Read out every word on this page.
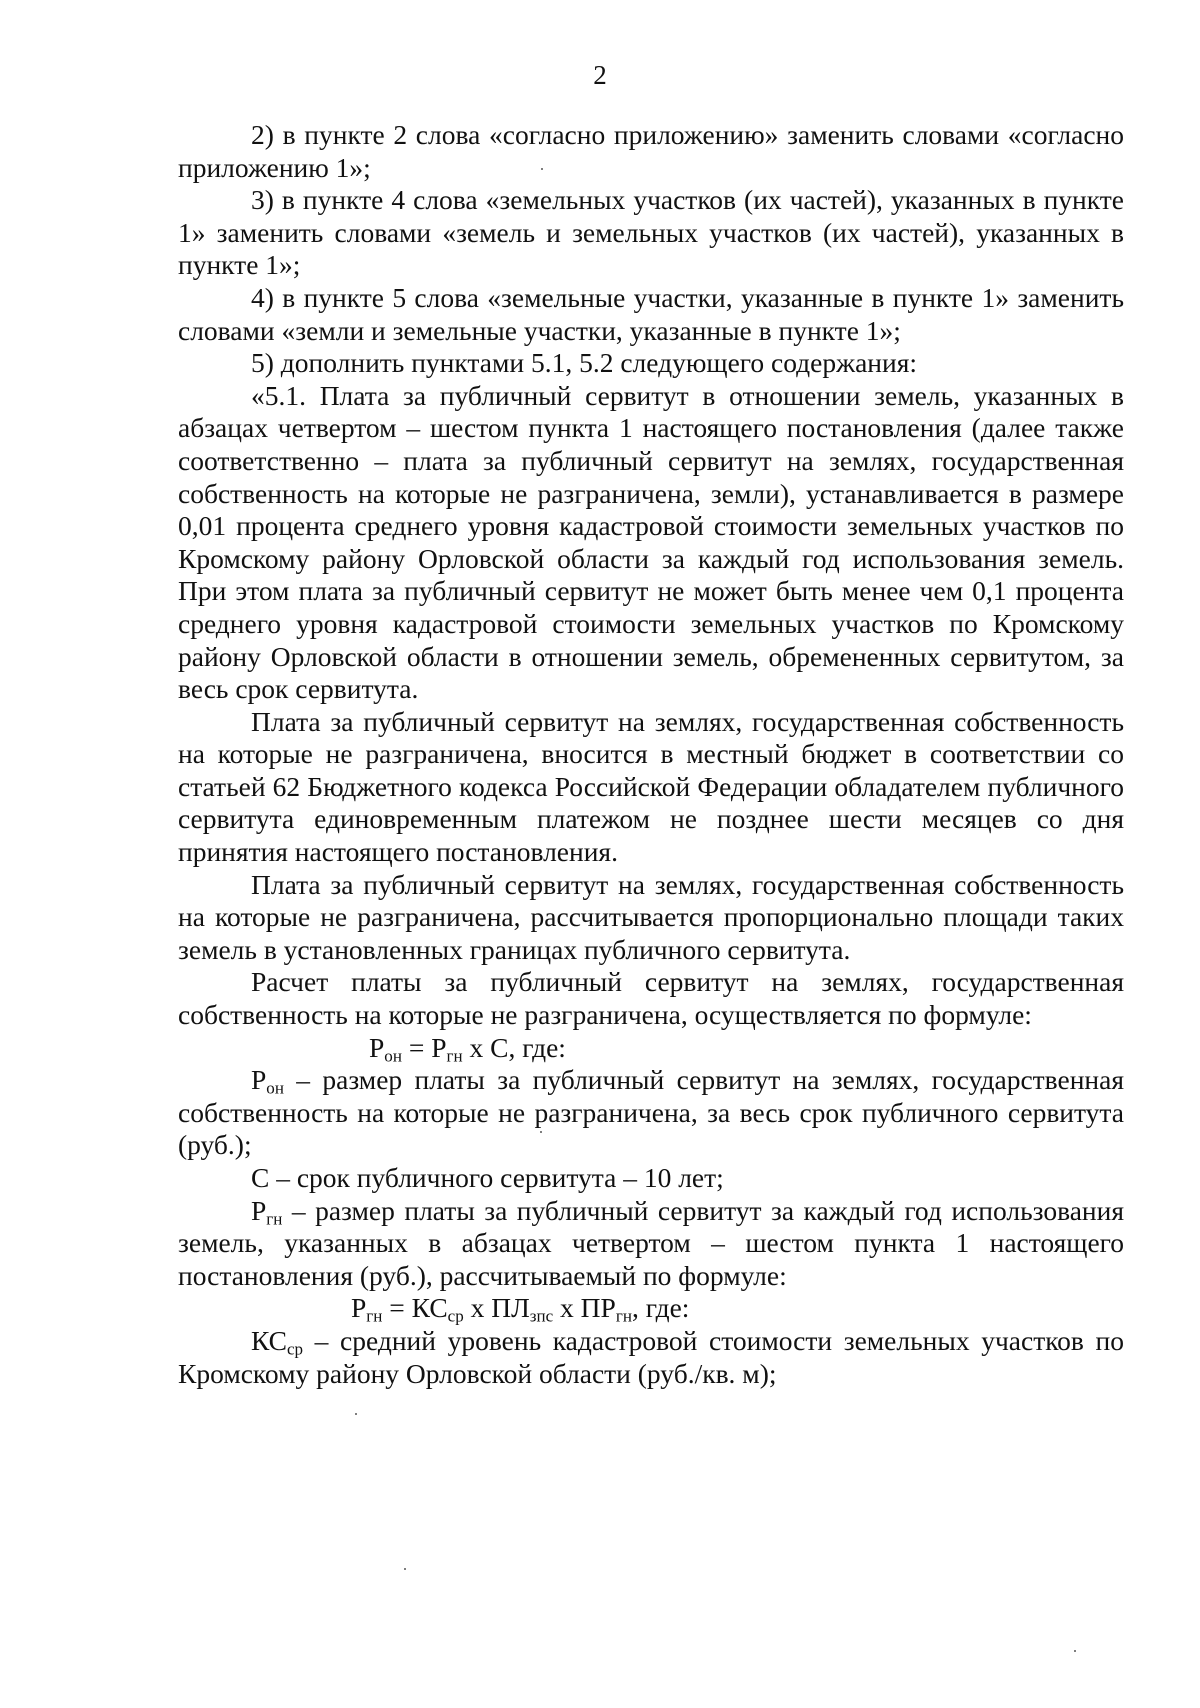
2

2) в пункте 2 слова «согласно приложению» заменить словами «согласно приложению 1»;

3) в пункте 4 слова «земельных участков (их частей), указанных в пункте 1» заменить словами «земель и земельных участков (их частей), указанных в пункте 1»;

4) в пункте 5 слова «земельные участки, указанные в пункте 1» заменить словами «земли и земельные участки, указанные в пункте 1»;

5) дополнить пунктами 5.1, 5.2 следующего содержания:

«5.1. Плата за публичный сервитут в отношении земель, указанных в абзацах четвертом – шестом пункта 1 настоящего постановления (далее также соответственно – плата за публичный сервитут на землях, государственная собственность на которые не разграничена, земли), устанавливается в размере 0,01 процента среднего уровня кадастровой стоимости земельных участков по Кромскому району Орловской области за каждый год использования земель. При этом плата за публичный сервитут не может быть менее чем 0,1 процента среднего уровня кадастровой стоимости земельных участков по Кромскому району Орловской области в отношении земель, обремененных сервитутом, за весь срок сервитута.

Плата за публичный сервитут на землях, государственная собственность на которые не разграничена, вносится в местный бюджет в соответствии со статьей 62 Бюджетного кодекса Российской Федерации обладателем публичного сервитута единовременным платежом не позднее шести месяцев со дня принятия настоящего постановления.

Плата за публичный сервитут на землях, государственная собственность на которые не разграничена, рассчитывается пропорционально площади таких земель в установленных границах публичного сервитута.

Расчет платы за публичный сервитут на землях, государственная собственность на которые не разграничена, осуществляется по формуле:

$Р_{он} = Р_{гн}$ х С, где:

$Р_{он}$ – размер платы за публичный сервитут на землях, государственная собственность на которые не разграничена, за весь срок публичного сервитута (руб.);

С – срок публичного сервитута – 10 лет;

$Р_{гн}$ – размер платы за публичный сервитут за каждый год использования земель, указанных в абзацах четвертом – шестом пункта 1 настоящего постановления (руб.), рассчитываемый по формуле:

$Р_{гн} = КС_{ср}$ х $ПЛ_{зпс}$ х $ПР_{гн}$, где:

$КС_{ср}$ – средний уровень кадастровой стоимости земельных участков по Кромскому району Орловской области (руб./кв. м);
